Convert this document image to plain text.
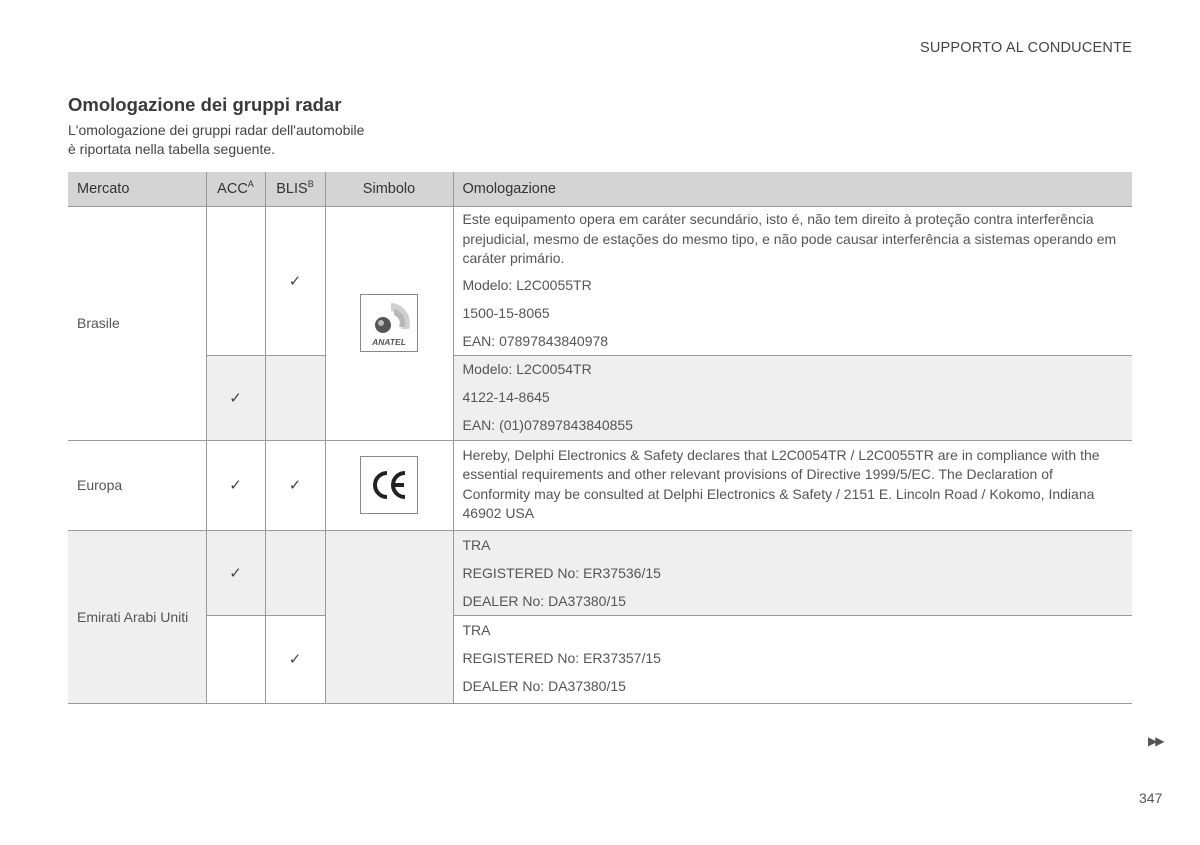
SUPPORTO AL CONDUCENTE
Omologazione dei gruppi radar
L'omologazione dei gruppi radar dell'automobile
è riportata nella tabella seguente.
Mercato	$ACC^A$	$BLIS^B$	Simbolo	Omologazione
Brasile		✓	ANATEL	Este equipamento opera em caráter secundário, isto é, não tem direito à proteção contra interferência prejudicial, mesmo de estações do mesmo tipo, e não pode causar interferência a sistemas operando em caráter primário.
Modelo: L2C0055TR
1500-15-8065
EAN: 07897843840978

	✓			Modelo: L2C0054TR
4122-14-8645
EAN: (01)07897843840855

Europa	✓	✓		Hereby, Delphi Electronics & Safety declares that L2C0054TR / L2C0055TR are in compliance with the essential requirements and other relevant provisions of Directive 1999/5/EC. The Declaration of Conformity may be consulted at Delphi Electronics & Safety / 2151 E. Lincoln Road / Kokomo, Indiana 46902 USA

Emirati Arabi Uniti	✓			TRA
REGISTERED No: ER37536/15
DEALER No: DA37380/15

		✓		TRA
REGISTERED No: ER37357/15
DEALER No: DA37380/15
▶▶
347
